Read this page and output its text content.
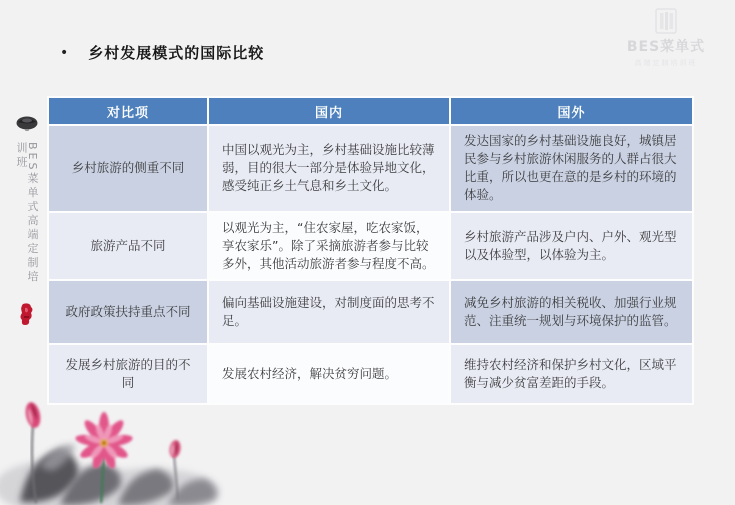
BES菜单式高端定制培训班
BES菜单式
高端定制培训班
• 乡村发展模式的国际比较
对比项	国内	国外
乡村旅游的侧重不同	中国以观光为主，乡村基础设施比较薄弱，目的很大一部分是体验异地文化，感受纯正乡土气息和乡土文化。	发达国家的乡村基础设施良好，城镇居民参与乡村旅游休闲服务的人群占很大比重，所以也更在意的是乡村的环境的体验。
旅游产品不同	以观光为主，“住农家屋，吃农家饭，享农家乐”。除了采摘旅游者参与比较多外，其他活动旅游者参与程度不高。	乡村旅游产品涉及户内、户外、观光型以及体验型，以体验为主。
政府政策扶持重点不同	偏向基础设施建设，对制度面的思考不足。	减免乡村旅游的相关税收、加强行业规范、注重统一规划与环境保护的监管。
发展乡村旅游的目的不同	发展农村经济，解决贫穷问题。	维持农村经济和保护乡村文化，区域平衡与减少贫富差距的手段。
